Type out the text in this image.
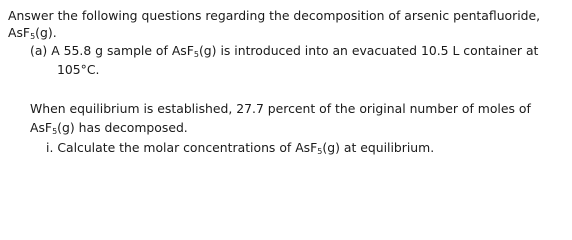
Answer the following questions regarding the decomposition of arsenic pentafluoride,
AsF$_5$(g).
(a) A 55.8 g sample of AsF$_5$(g) is introduced into an evacuated 10.5 L container at
105°C.
When equilibrium is established, 27.7 percent of the original number of moles of
AsF$_5$(g) has decomposed.
i. Calculate the molar concentrations of AsF$_5$(g) at equilibrium.
